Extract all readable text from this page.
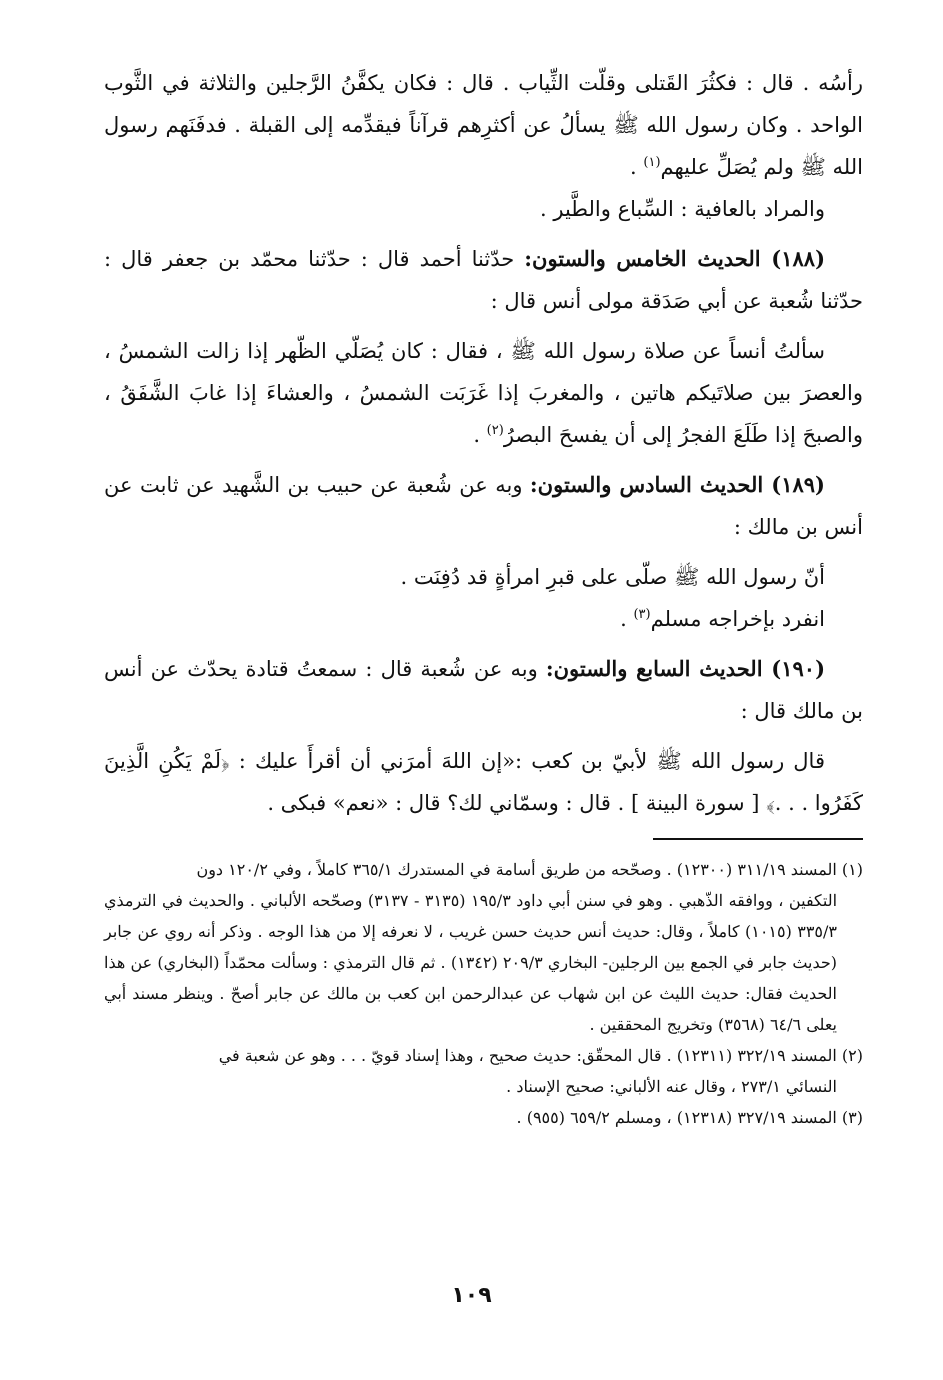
رأسُه . قال : فكثُرَ القَتلى وقلّت الثِّياب . قال : فكان يكفَّنُ الرَّجلين والثلاثة في الثَّوب الواحد . وكان رسول الله ﷺ يسألُ عن أكثرِهم قرآناً فيقدِّمه إلى القبلة . فدفَنَهم رسول الله ﷺ ولم يُصَلِّ عليهم$^{(١)}$ .

والمراد بالعافية : السِّباع والطَّير .

(١٨٨) الحديث الخامس والستون: حدّثنا أحمد قال : حدّثنا محمّد بن جعفر قال : حدّثنا شُعبة عن أبي صَدَقة مولى أنس قال :

سألتُ أنساً عن صلاة رسول الله ﷺ ، فقال : كان يُصَلّي الظّهر إذا زالت الشمسُ ، والعصرَ بين صلاتَيكم هاتين ، والمغربَ إذا غَرَبَت الشمسُ ، والعشاءَ إذا غابَ الشَّفَقُ ، والصبحَ إذا طَلَعَ الفجرُ إلى أن يفسحَ البصرُ$^{(٢)}$ .

(١٨٩) الحديث السادس والستون: وبه عن شُعبة عن حبيب بن الشَّهيد عن ثابت عن أنس بن مالك :

أنّ رسول الله ﷺ صلّى على قبرِ امرأةٍ قد دُفِنَت .

انفرد بإخراجه مسلم$^{(٣)}$ .

(١٩٠) الحديث السابع والستون: وبه عن شُعبة قال : سمعتُ قتادة يحدّث عن أنس بن مالك قال :

قال رسول الله ﷺ لأبيّ بن كعب :«إن اللهَ أمرَني أن أقرأَ عليك : ﴿لَمْ يَكُنِ الَّذِينَ كَفَرُوا . . .﴾ [ سورة البينة ] . قال : وسمّاني لك؟ قال : «نعم» فبكى .

(١) المسند ٣١١/١٩ (١٢٣٠٠) . وصحّحه من طريق أسامة في المستدرك ٣٦٥/١ كاملاً ، وفي ١٢٠/٢ دون

التكفين ، ووافقه الذّهبي . وهو في سنن أبي داود ١٩٥/٣ (٣١٣٥ - ٣١٣٧) وصحّحه الألباني . والحديث في الترمذي ٣٣٥/٣ (١٠١٥) كاملاً ، وقال: حديث أنس حديث حسن غريب ، لا نعرفه إلا من هذا الوجه . وذكر أنه روي عن جابر (حديث جابر في الجمع بين الرجلين- البخاري ٢٠٩/٣ (١٣٤٢) . ثم قال الترمذي : وسألت محمّداً (البخاري) عن هذا الحديث فقال: حديث الليث عن ابن شهاب عن عبدالرحمن ابن كعب بن مالك عن جابر أصحّ . وينظر مسند أبي يعلى ٦٤/٦ (٣٥٦٨) وتخريج المحققين .

(٢) المسند ٣٢٢/١٩ (١٢٣١١) . قال المحقّق: حديث صحيح ، وهذا إسناد قويّ . . . وهو عن شعبة في

النسائي ٢٧٣/١ ، وقال عنه الألباني: صحيح الإسناد .

(٣) المسند ٣٢٧/١٩ (١٢٣١٨) ، ومسلم ٦٥٩/٢ (٩٥٥) .

١٠٩
